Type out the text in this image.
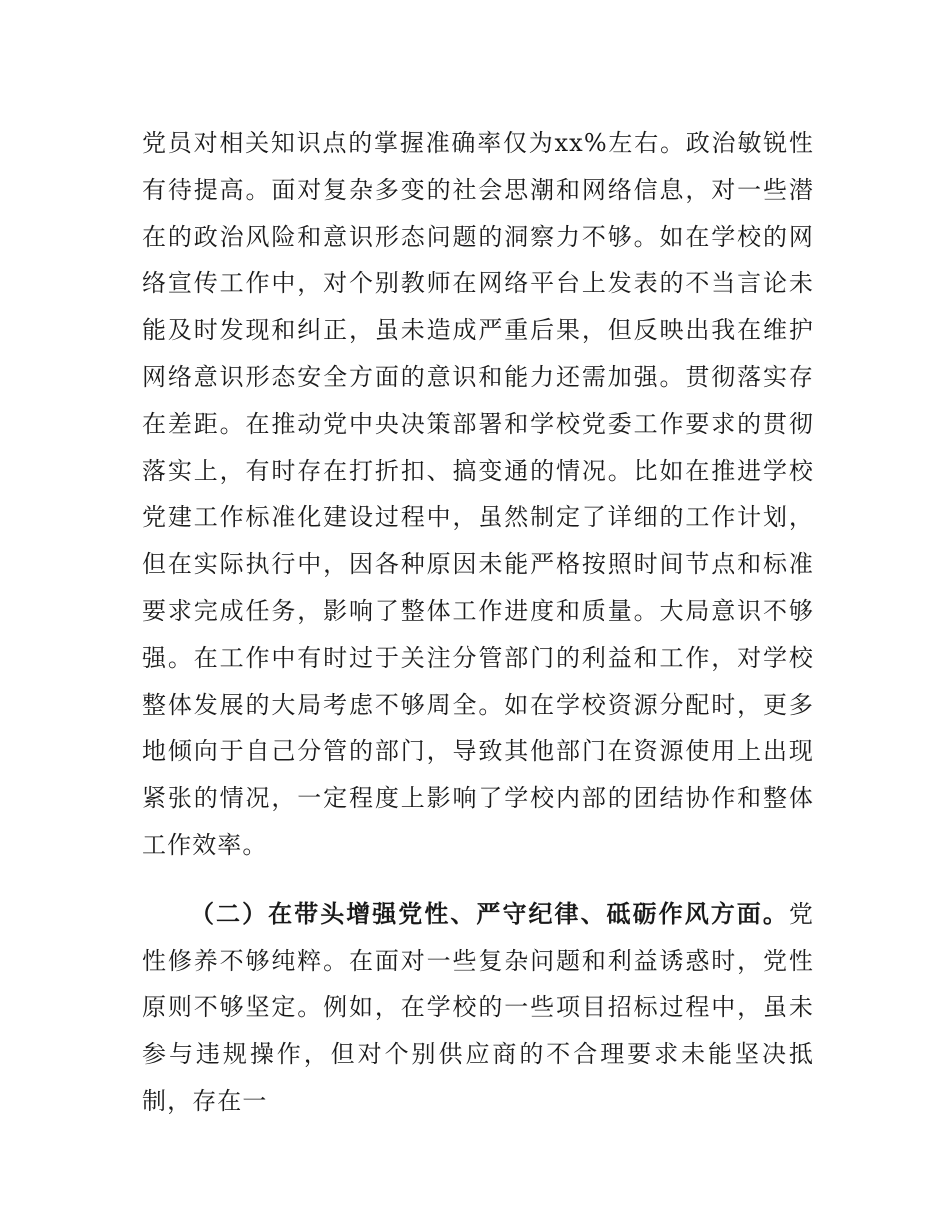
党员对相关知识点的掌握准确率仅为xx%左右。政治敏锐性有待提高。面对复杂多变的社会思潮和网络信息，对一些潜在的政治风险和意识形态问题的洞察力不够。如在学校的网络宣传工作中，对个别教师在网络平台上发表的不当言论未能及时发现和纠正，虽未造成严重后果，但反映出我在维护网络意识形态安全方面的意识和能力还需加强。贯彻落实存在差距。在推动党中央决策部署和学校党委工作要求的贯彻落实上，有时存在打折扣、搞变通的情况。比如在推进学校党建工作标准化建设过程中，虽然制定了详细的工作计划，但在实际执行中，因各种原因未能严格按照时间节点和标准要求完成任务，影响了整体工作进度和质量。大局意识不够强。在工作中有时过于关注分管部门的利益和工作，对学校整体发展的大局考虑不够周全。如在学校资源分配时，更多地倾向于自己分管的部门，导致其他部门在资源使用上出现紧张的情况，一定程度上影响了学校内部的团结协作和整体工作效率。

（二）在带头增强党性、严守纪律、砥砺作风方面。党性修养不够纯粹。在面对一些复杂问题和利益诱惑时，党性原则不够坚定。例如，在学校的一些项目招标过程中，虽未参与违规操作，但对个别供应商的不合理要求未能坚决抵制，存在一
